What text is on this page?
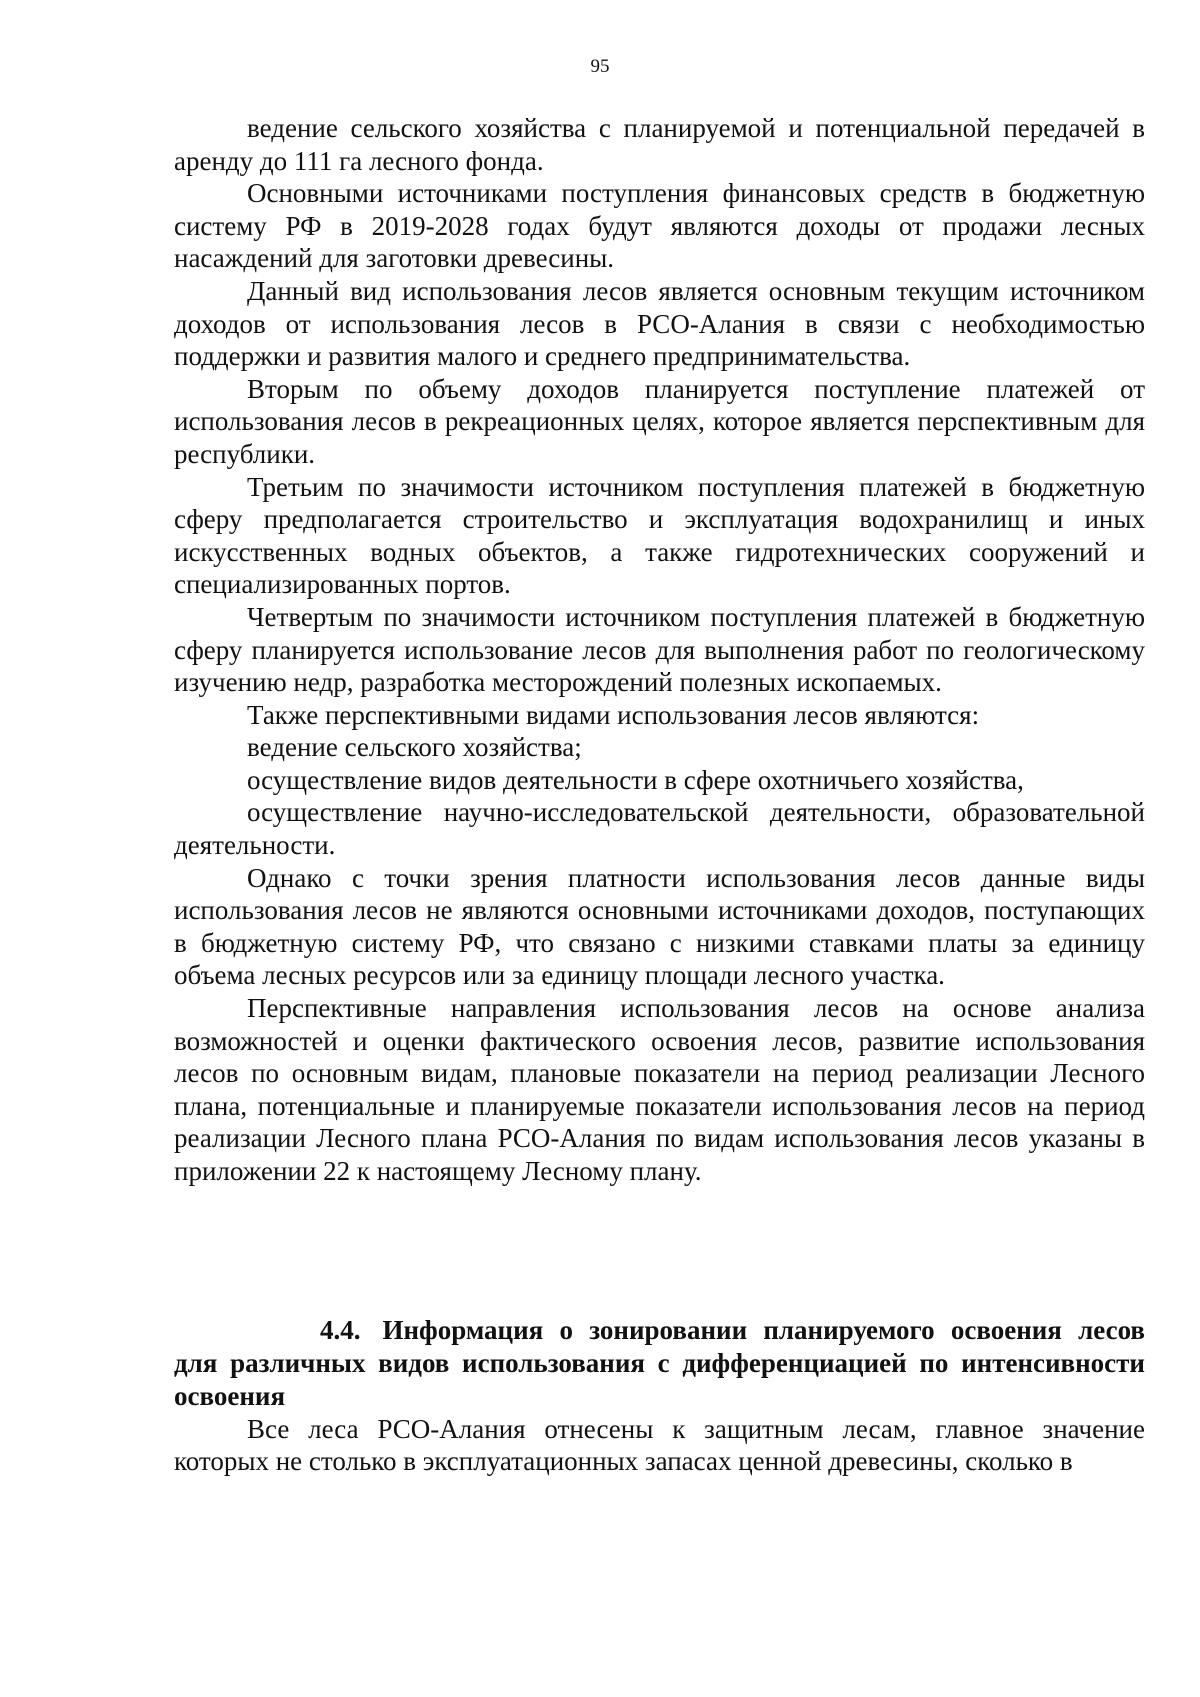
95

ведение сельского хозяйства с планируемой и потенциальной передачей в аренду до 111 га лесного фонда.

Основными источниками поступления финансовых средств в бюджетную систему РФ в 2019-2028 годах будут являются доходы от продажи лесных насаждений для заготовки древесины.

Данный вид использования лесов является основным текущим источником доходов от использования лесов в РСО-Алания в связи с необходимостью поддержки и развития малого и среднего предпринимательства.

Вторым по объему доходов планируется поступление платежей от использования лесов в рекреационных целях, которое является перспективным для республики.

Третьим по значимости источником поступления платежей в бюджетную сферу предполагается строительство и эксплуатация водохранилищ и иных искусственных водных объектов, а также гидротехнических сооружений и специализированных портов.

Четвертым по значимости источником поступления платежей в бюджетную сферу планируется использование лесов для выполнения работ по геологическому изучению недр, разработка месторождений полезных ископаемых.

Также перспективными видами использования лесов являются:

ведение сельского хозяйства;

осуществление видов деятельности в сфере охотничьего хозяйства,

осуществление научно-исследовательской деятельности, образовательной деятельности.

Однако с точки зрения платности использования лесов данные виды использования лесов не являются основными источниками доходов, поступающих в бюджетную систему РФ, что связано с низкими ставками платы за единицу объема лесных ресурсов или за единицу площади лесного участка.

Перспективные направления использования лесов на основе анализа возможностей и оценки фактического освоения лесов, развитие использования лесов по основным видам, плановые показатели на период реализации Лесного плана, потенциальные и планируемые показатели использования лесов на период реализации Лесного плана РСО-Алания по видам использования лесов указаны в приложении 22 к настоящему Лесному плану.

4.4. Информация о зонировании планируемого освоения лесов для различных видов использования с дифференциацией по интенсивности освоения

Все леса РСО-Алания отнесены к защитным лесам, главное значение которых не столько в эксплуатационных запасах ценной древесины, сколько в
